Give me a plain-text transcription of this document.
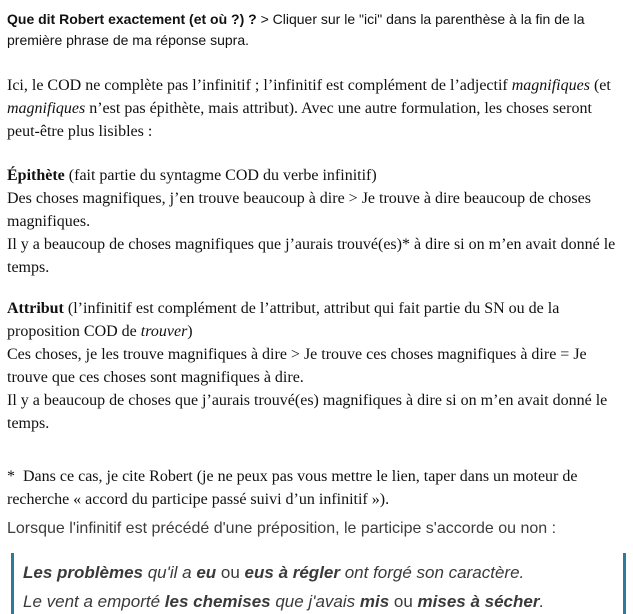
Que dit Robert exactement (et où ?) ? > Cliquer sur le "ici" dans la parenthèse à la fin de la
première phrase de ma réponse supra.
Ici, le COD ne complète pas l’infinitif ; l’infinitif est complément de l’adjectif magnifiques (et
magnifiques n’est pas épithète, mais attribut). Avec une autre formulation, les choses seront
peut-être plus lisibles :
Épithète (fait partie du syntagme COD du verbe infinitif)
Des choses magnifiques, j’en trouve beaucoup à dire > Je trouve à dire beaucoup de choses
magnifiques.
Il y a beaucoup de choses magnifiques que j’aurais trouvé(es)* à dire si on m’en avait donné le
temps.
Attribut (l’infinitif est complément de l’attribut, attribut qui fait partie du SN ou de la
proposition COD de trouver)
Ces choses, je les trouve magnifiques à dire > Je trouve ces choses magnifiques à dire = Je
trouve que ces choses sont magnifiques à dire.
Il y a beaucoup de choses que j’aurais trouvé(es) magnifiques à dire si on m’en avait donné le
temps.
*  Dans ce cas, je cite Robert (je ne peux pas vous mettre le lien, taper dans un moteur de
recherche « accord du participe passé suivi d’un infinitif »).
Lorsque l'infinitif est précédé d'une préposition, le participe s'accorde ou non :
Les problèmes qu'il a eu ou eus à régler ont forgé son caractère.
Le vent a emporté les chemises que j'avais mis ou mises à sécher.
